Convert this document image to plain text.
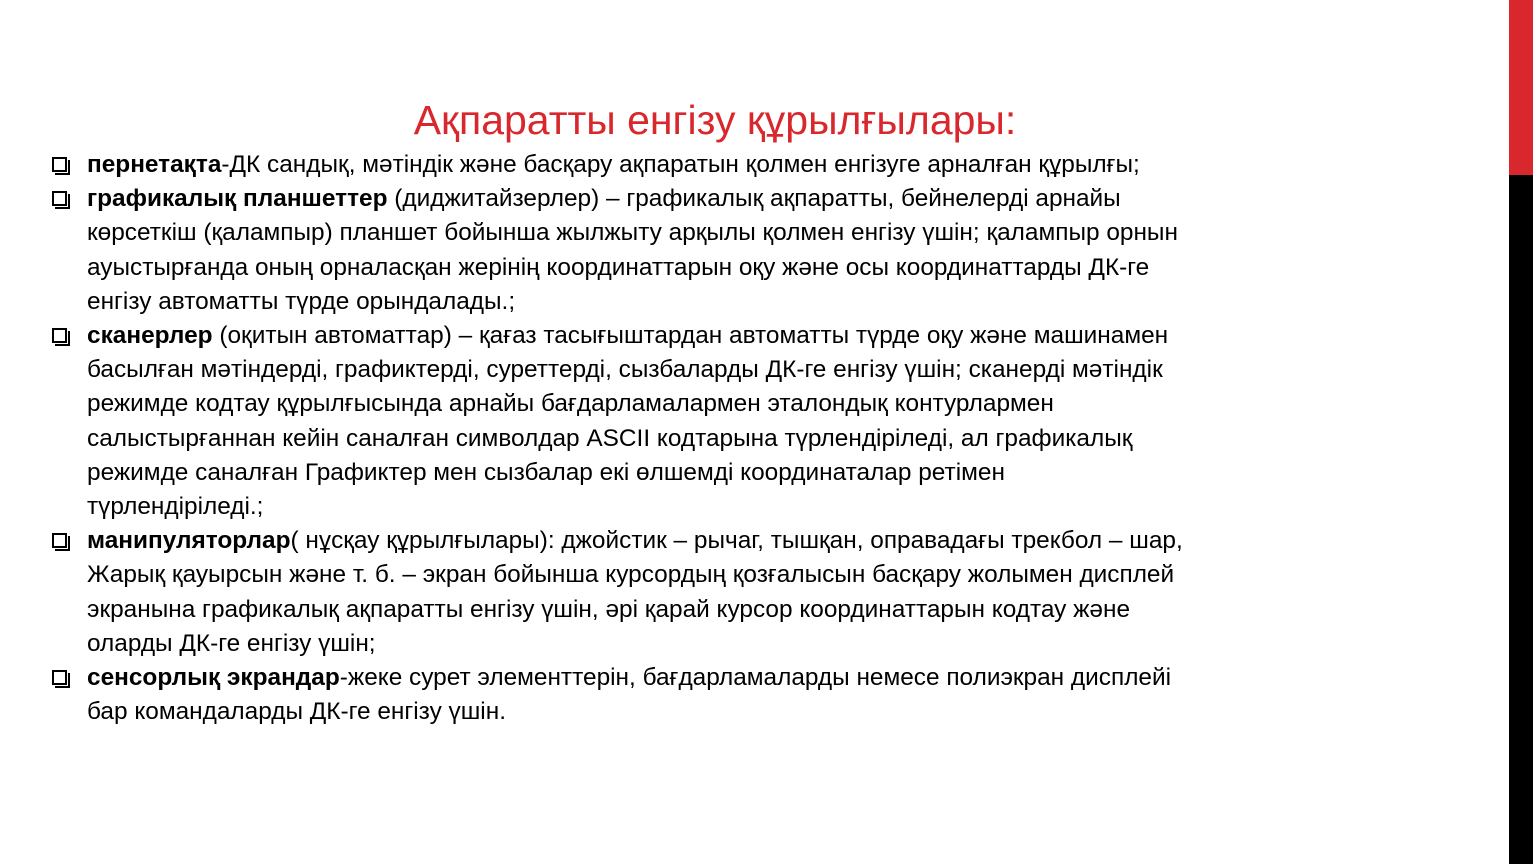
Ақпаратты енгізу құрылғылары:
пернетақта-ДК сандық, мәтіндік және басқару ақпаратын қолмен енгізуге арналған құрылғы;
графикалық планшеттер (диджитайзерлер) – графикалық ақпаратты, бейнелерді арнайы
көрсеткіш (қалампыр) планшет бойынша жылжыту арқылы қолмен енгізу үшін; қалампыр орнын
ауыстырғанда оның орналасқан жерінің координаттарын оқу және осы координаттарды ДК-ге
енгізу автоматты түрде орындалады.;
сканерлер (оқитын автоматтар) – қағаз тасығыштардан автоматты түрде оқу және машинамен
басылған мәтіндерді, графиктерді, суреттерді, сызбаларды ДК-ге енгізу үшін; сканерді мәтіндік
режимде кодтау құрылғысында арнайы бағдарламалармен эталондық контурлармен
салыстырғаннан кейін саналған символдар ASCII кодтарына түрлендіріледі, ал графикалық
режимде саналған Графиктер мен сызбалар екі өлшемді координаталар ретімен
түрлендіріледі.;
манипуляторлар( нұсқау құрылғылары): джойстик – рычаг, тышқан, оправадағы трекбол – шар,
Жарық қауырсын және т. б. – экран бойынша курсордың қозғалысын басқару жолымен дисплей
экранына графикалық ақпаратты енгізу үшін, әрі қарай курсор координаттарын кодтау және
оларды ДК-ге енгізу үшін;
сенсорлық экрандар-жеке сурет элементтерін, бағдарламаларды немесе полиэкран дисплейі
бар командаларды ДК-ге енгізу үшін.
